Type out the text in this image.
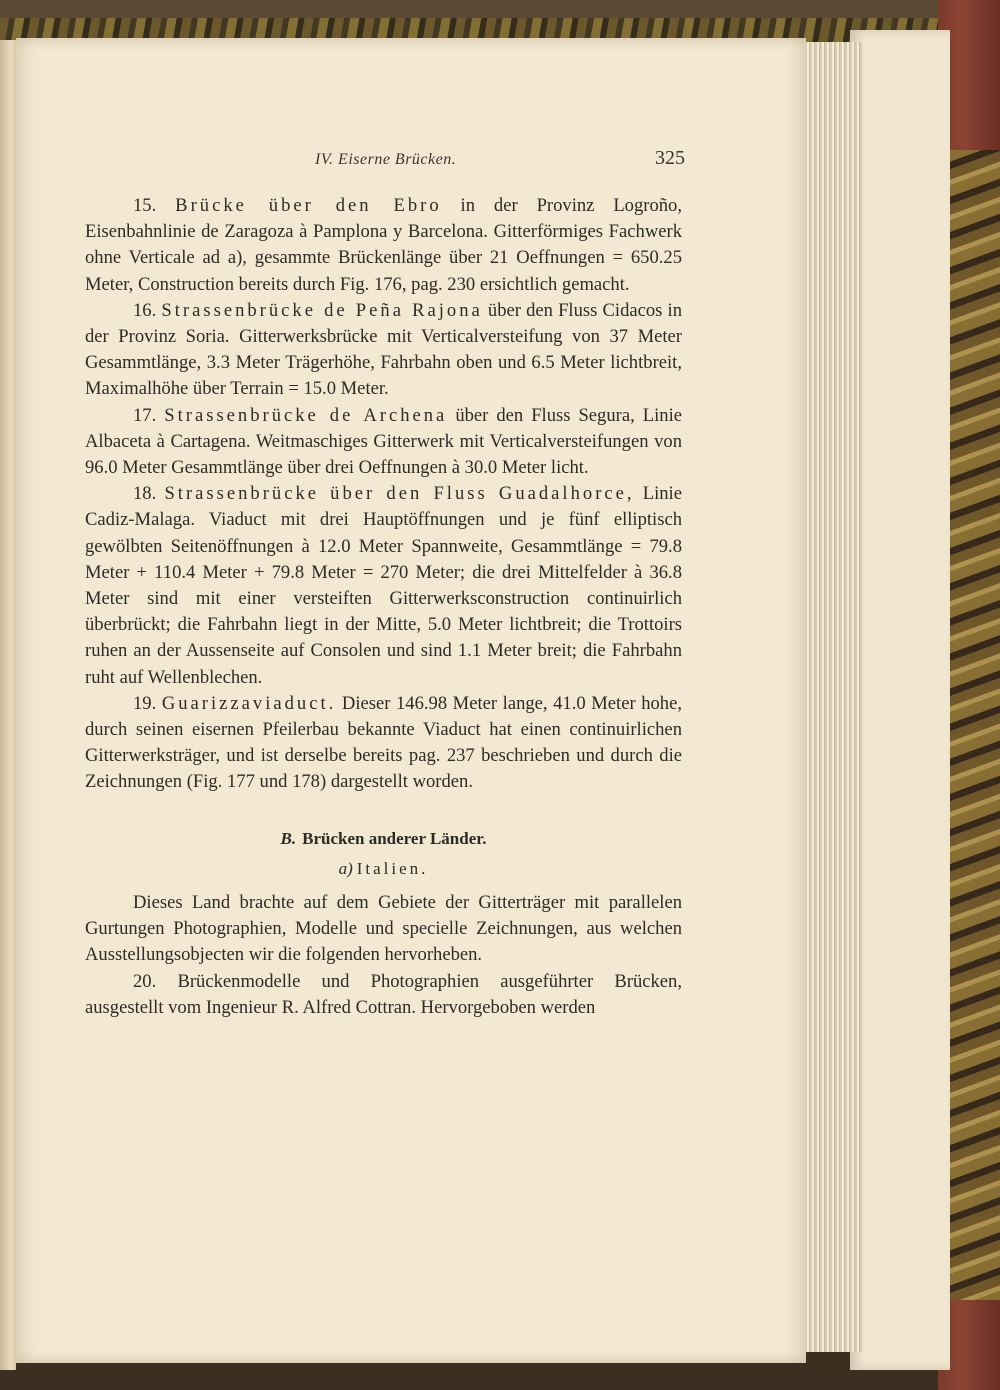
IV. Eiserne Brücken.	325

15. Brücke über den Ebro in der Provinz Logroño, Eisenbahnlinie de Zaragoza à Pamplona y Barcelona. Gitterförmiges Fachwerk ohne Verticale ad a), gesammte Brückenlänge über 21 Oeffnungen = 650.25 Meter, Construction bereits durch Fig. 176, pag. 230 ersichtlich gemacht.

16. Strassenbrücke de Peña Rajona über den Fluss Cidacos in der Provinz Soria. Gitterwerksbrücke mit Verticalversteifung von 37 Meter Gesammtlänge, 3.3 Meter Trägerhöhe, Fahrbahn oben und 6.5 Meter lichtbreit, Maximalhöhe über Terrain = 15.0 Meter.

17. Strassenbrücke de Archena über den Fluss Segura, Linie Albaceta à Cartagena. Weitmaschiges Gitterwerk mit Verticalversteifungen von 96.0 Meter Gesammtlänge über drei Oeffnungen à 30.0 Meter licht.

18. Strassenbrücke über den Fluss Guadalhorce, Linie Cadiz-Malaga. Viaduct mit drei Hauptöffnungen und je fünf elliptisch gewölbten Seitenöffnungen à 12.0 Meter Spannweite, Gesammtlänge = 79.8 Meter + 110.4 Meter + 79.8 Meter = 270 Meter; die drei Mittelfelder à 36.8 Meter sind mit einer versteiften Gitterwerksconstruction continuirlich überbrückt; die Fahrbahn liegt in der Mitte, 5.0 Meter lichtbreit; die Trottoirs ruhen an der Aussenseite auf Consolen und sind 1.1 Meter breit; die Fahrbahn ruht auf Wellenblechen.

19. Guarizzaviaduct. Dieser 146.98 Meter lange, 41.0 Meter hohe, durch seinen eisernen Pfeilerbau bekannte Viaduct hat einen continuirlichen Gitterwerksträger, und ist derselbe bereits pag. 237 beschrieben und durch die Zeichnungen (Fig. 177 und 178) dargestellt worden.

B. Brücken anderer Länder.

a) Italien.

Dieses Land brachte auf dem Gebiete der Gitterträger mit parallelen Gurtungen Photographien, Modelle und specielle Zeichnungen, aus welchen Ausstellungsobjecten wir die folgenden hervorheben.

20. Brückenmodelle und Photographien ausgeführter Brücken, ausgestellt vom Ingenieur R. Alfred Cottran. Hervorgeboben werden
